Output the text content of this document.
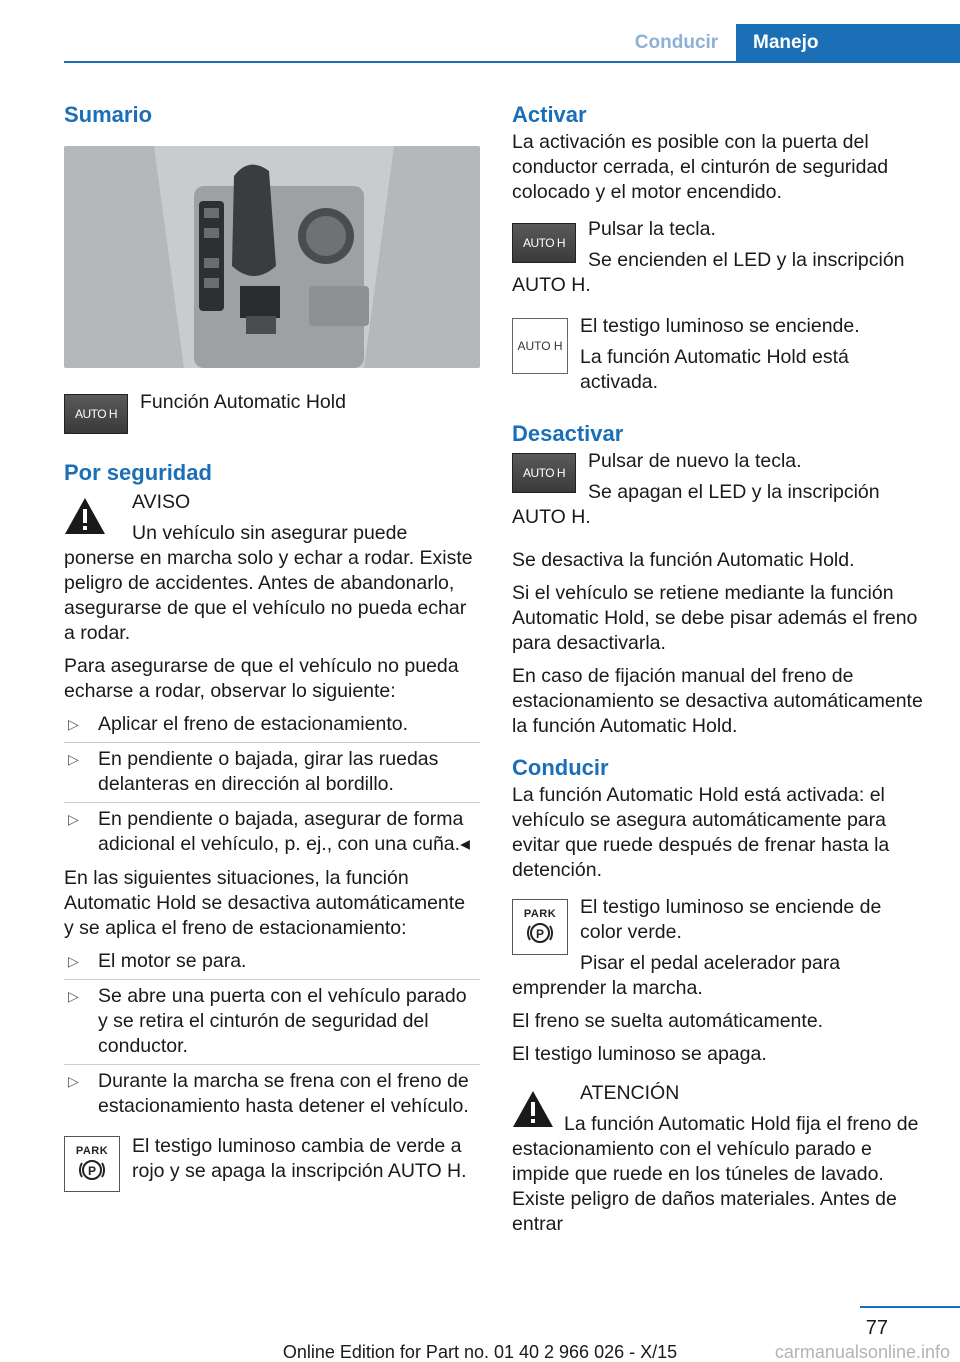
Conducir	Manejo
Sumario
AUTO H

Función Automatic Hold

Por seguridad

AVISO

Un vehículo sin asegurar puede ponerse en marcha solo y echar a rodar. Existe peligro de accidentes. Antes de abandonarlo, asegurarse de que el vehículo no pueda echar a rodar.

Para asegurarse de que el vehículo no pueda echarse a rodar, observar lo siguiente:

▷ Aplicar el freno de estacionamiento.
▷ En pendiente o bajada, girar las ruedas delanteras en dirección al bordillo.
▷ En pendiente o bajada, asegurar de forma adicional el vehículo, p. ej., con una cuña.◂

En las siguientes situaciones, la función Automatic Hold se desactiva automáticamente y se aplica el freno de estacionamiento:

▷ El motor se para.
▷ Se abre una puerta con el vehículo parado y se retira el cinturón de seguridad del conductor.
▷ Durante la marcha se frena con el freno de estacionamiento hasta detener el vehículo.
PARK
P

El testigo luminoso cambia de verde a rojo y se apaga la inscripción AUTO H.

Activar

La activación es posible con la puerta del conductor cerrada, el cinturón de seguridad colocado y el motor encendido.

AUTO H

Pulsar la tecla.

Se encienden el LED y la inscripción AUTO H.

AUTO H

El testigo luminoso se enciende.

La función Automatic Hold está activada.

Desactivar
AUTO H

Pulsar de nuevo la tecla.

Se apagan el LED y la inscripción AUTO H.

Se desactiva la función Automatic Hold.

Si el vehículo se retiene mediante la función Automatic Hold, se debe pisar además el freno para desactivarla.

En caso de fijación manual del freno de estacionamiento se desactiva automáticamente la función Automatic Hold.

Conducir

La función Automatic Hold está activada: el vehículo se asegura automáticamente para evitar que ruede después de frenar hasta la detención.

PARK
P

El testigo luminoso se enciende de color verde.

Pisar el pedal acelerador para emprender la marcha.

El freno se suelta automáticamente.

El testigo luminoso se apaga.

ATENCIÓN

La función Automatic Hold fija el freno de estacionamiento con el vehículo parado e impide que ruede en los túneles de lavado. Existe peligro de daños materiales. Antes de entrar

77
Online Edition for Part no. 01 40 2 966 026 - X/15	carmanualsonline.info
